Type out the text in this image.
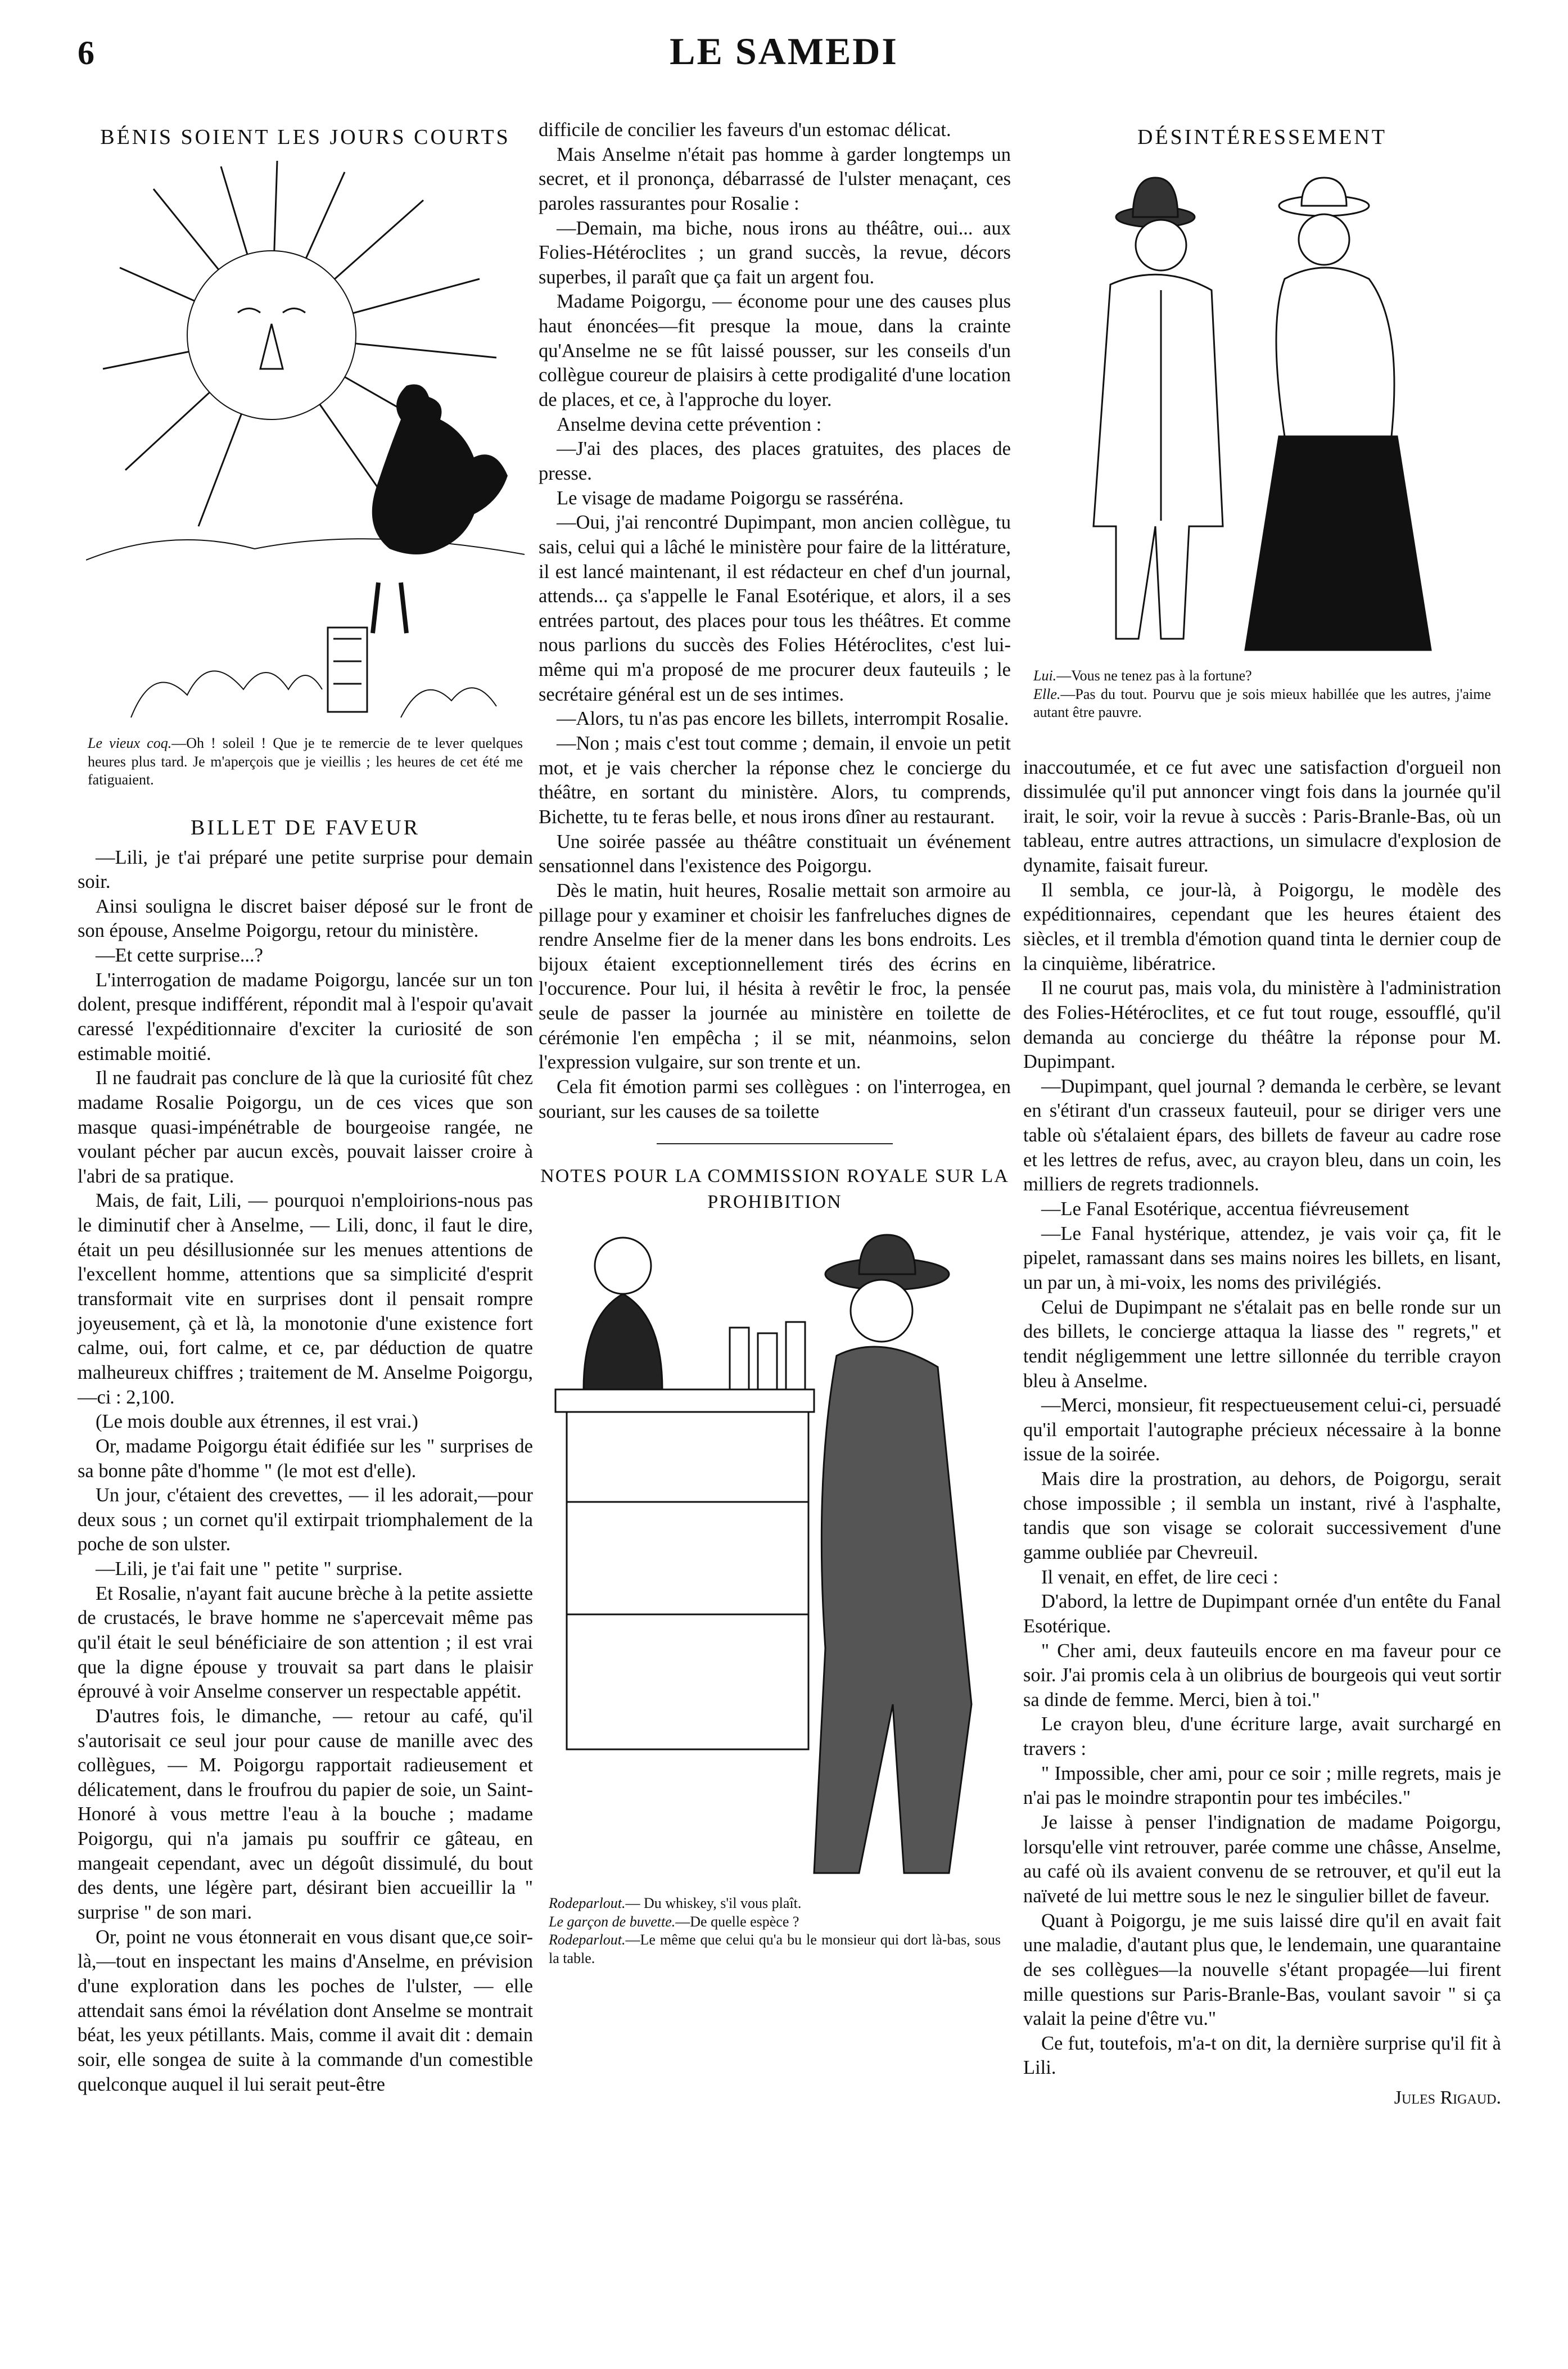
6	LE SAMEDI
BÉNIS SOIENT LES JOURS COURTS

Le vieux coq.—Oh ! soleil ! Que je te remercie de te lever quelques heures plus tard. Je m'aperçois que je vieillis ; les heures de cet été me fatiguaient.

BILLET DE FAVEUR

—Lili, je t'ai préparé une petite surprise pour demain soir.

Ainsi souligna le discret baiser déposé sur le front de son épouse, Anselme Poigorgu, retour du ministère.

—Et cette surprise...?

L'interrogation de madame Poigorgu, lancée sur un ton dolent, presque indifférent, répondit mal à l'espoir qu'avait caressé l'expéditionnaire d'exciter la curiosité de son estimable moitié.

Il ne faudrait pas conclure de là que la curiosité fût chez madame Rosalie Poigorgu, un de ces vices que son masque quasi-impénétrable de bourgeoise rangée, ne voulant pécher par aucun excès, pouvait laisser croire à l'abri de sa pratique.

Mais, de fait, Lili, — pourquoi n'emploirions-nous pas le diminutif cher à Anselme, — Lili, donc, il faut le dire, était un peu désillusionnée sur les menues attentions de l'excellent homme, attentions que sa simplicité d'esprit transformait vite en surprises dont il pensait rompre joyeusement, çà et là, la monotonie d'une existence fort calme, oui, fort calme, et ce, par déduction de quatre malheureux chiffres ; traitement de M. Anselme Poigorgu,—ci : 2,100.

(Le mois double aux étrennes, il est vrai.)

Or, madame Poigorgu était édifiée sur les " surprises de sa bonne pâte d'homme " (le mot est d'elle).

Un jour, c'étaient des crevettes, — il les adorait,—pour deux sous ; un cornet qu'il extirpait triomphalement de la poche de son ulster.

—Lili, je t'ai fait une " petite " surprise.

Et Rosalie, n'ayant fait aucune brèche à la petite assiette de crustacés, le brave homme ne s'apercevait même pas qu'il était le seul bénéficiaire de son attention ; il est vrai que la digne épouse y trouvait sa part dans le plaisir éprouvé à voir Anselme conserver un respectable appétit.

D'autres fois, le dimanche, — retour au café, qu'il s'autorisait ce seul jour pour cause de manille avec des collègues, — M. Poigorgu rapportait radieusement et délicatement, dans le froufrou du papier de soie, un Saint-Honoré à vous mettre l'eau à la bouche ; madame Poigorgu, qui n'a jamais pu souffrir ce gâteau, en mangeait cependant, avec un dégoût dissimulé, du bout des dents, une légère part, désirant bien accueillir la " surprise " de son mari.

Or, point ne vous étonnerait en vous disant que,ce soir-là,—tout en inspectant les mains d'Anselme, en prévision d'une exploration dans les poches de l'ulster, — elle attendait sans émoi la révélation dont Anselme se montrait béat, les yeux pétillants. Mais, comme il avait dit : demain soir, elle songea de suite à la commande d'un comestible quelconque auquel il lui serait peut-être

difficile de concilier les faveurs d'un estomac délicat.

Mais Anselme n'était pas homme à garder longtemps un secret, et il prononça, débarrassé de l'ulster menaçant, ces paroles rassurantes pour Rosalie :

—Demain, ma biche, nous irons au théâtre, oui... aux Folies-Hétéroclites ; un grand succès, la revue, décors superbes, il paraît que ça fait un argent fou.

Madame Poigorgu, — économe pour une des causes plus haut énoncées—fit presque la moue, dans la crainte qu'Anselme ne se fût laissé pousser, sur les conseils d'un collègue coureur de plaisirs à cette prodigalité d'une location de places, et ce, à l'approche du loyer.

Anselme devina cette prévention :

—J'ai des places, des places gratuites, des places de presse.

Le visage de madame Poigorgu se rasséréna.

—Oui, j'ai rencontré Dupimpant, mon ancien collègue, tu sais, celui qui a lâché le ministère pour faire de la littérature, il est lancé maintenant, il est rédacteur en chef d'un journal, attends... ça s'appelle le Fanal Esotérique, et alors, il a ses entrées partout, des places pour tous les théâtres. Et comme nous parlions du succès des Folies Hétéroclites, c'est lui-même qui m'a proposé de me procurer deux fauteuils ; le secrétaire général est un de ses intimes.

—Alors, tu n'as pas encore les billets, interrompit Rosalie.

—Non ; mais c'est tout comme ; demain, il envoie un petit mot, et je vais chercher la réponse chez le concierge du théâtre, en sortant du ministère. Alors, tu comprends, Bichette, tu te feras belle, et nous irons dîner au restaurant.

Une soirée passée au théâtre constituait un événement sensationnel dans l'existence des Poigorgu.

Dès le matin, huit heures, Rosalie mettait son armoire au pillage pour y examiner et choisir les fanfreluches dignes de rendre Anselme fier de la mener dans les bons endroits. Les bijoux étaient exceptionnellement tirés des écrins en l'occurence. Pour lui, il hésita à revêtir le froc, la pensée seule de passer la journée au ministère en toilette de cérémonie l'en empêcha ; il se mit, néanmoins, selon l'expression vulgaire, sur son trente et un.

Cela fit émotion parmi ses collègues : on l'interrogea, en souriant, sur les causes de sa toilette

NOTES POUR LA COMMISSION ROYALE SUR LA PROHIBITION
Rodeparlout.— Du whiskey, s'il vous plaît.
Le garçon de buvette.—De quelle espèce ?
Rodeparlout.—Le même que celui qu'a bu le monsieur qui dort là-bas, sous la table.
DÉSINTÉRESSEMENT
Lui.—Vous ne tenez pas à la fortune?
Elle.—Pas du tout. Pourvu que je sois mieux habillée que les autres, j'aime autant être pauvre.

inaccoutumée, et ce fut avec une satisfaction d'orgueil non dissimulée qu'il put annoncer vingt fois dans la journée qu'il irait, le soir, voir la revue à succès : Paris-Branle-Bas, où un tableau, entre autres attractions, un simulacre d'explosion de dynamite, faisait fureur.

Il sembla, ce jour-là, à Poigorgu, le modèle des expéditionnaires, cependant que les heures étaient des siècles, et il trembla d'émotion quand tinta le dernier coup de la cinquième, libératrice.

Il ne courut pas, mais vola, du ministère à l'administration des Folies-Hétéroclites, et ce fut tout rouge, essoufflé, qu'il demanda au concierge du théâtre la réponse pour M. Dupimpant.

—Dupimpant, quel journal ? demanda le cerbère, se levant en s'étirant d'un crasseux fauteuil, pour se diriger vers une table où s'étalaient épars, des billets de faveur au cadre rose et les lettres de refus, avec, au crayon bleu, dans un coin, les milliers de regrets tradionnels.

—Le Fanal Esotérique, accentua fiévreusement

—Le Fanal hystérique, attendez, je vais voir ça, fit le pipelet, ramassant dans ses mains noires les billets, en lisant, un par un, à mi-voix, les noms des privilégiés.

Celui de Dupimpant ne s'étalait pas en belle ronde sur un des billets, le concierge attaqua la liasse des " regrets," et tendit négligemment une lettre sillonnée du terrible crayon bleu à Anselme.

—Merci, monsieur, fit respectueusement celui-ci, persuadé qu'il emportait l'autographe précieux nécessaire à la bonne issue de la soirée.

Mais dire la prostration, au dehors, de Poigorgu, serait chose impossible ; il sembla un instant, rivé à l'asphalte, tandis que son visage se colorait successivement d'une gamme oubliée par Chevreuil.

Il venait, en effet, de lire ceci :

D'abord, la lettre de Dupimpant ornée d'un entête du Fanal Esotérique.

" Cher ami, deux fauteuils encore en ma faveur pour ce soir. J'ai promis cela à un olibrius de bourgeois qui veut sortir sa dinde de femme. Merci, bien à toi."

Le crayon bleu, d'une écriture large, avait surchargé en travers :

" Impossible, cher ami, pour ce soir ; mille regrets, mais je n'ai pas le moindre strapontin pour tes imbéciles."

Je laisse à penser l'indignation de madame Poigorgu, lorsqu'elle vint retrouver, parée comme une châsse, Anselme, au café où ils avaient convenu de se retrouver, et qu'il eut la naïveté de lui mettre sous le nez le singulier billet de faveur.

Quant à Poigorgu, je me suis laissé dire qu'il en avait fait une maladie, d'autant plus que, le lendemain, une quarantaine de ses collègues—la nouvelle s'étant propagée—lui firent mille questions sur Paris-Branle-Bas, voulant savoir " si ça valait la peine d'être vu."

Ce fut, toutefois, m'a-t on dit, la dernière surprise qu'il fit à Lili.

Jules Rigaud.
